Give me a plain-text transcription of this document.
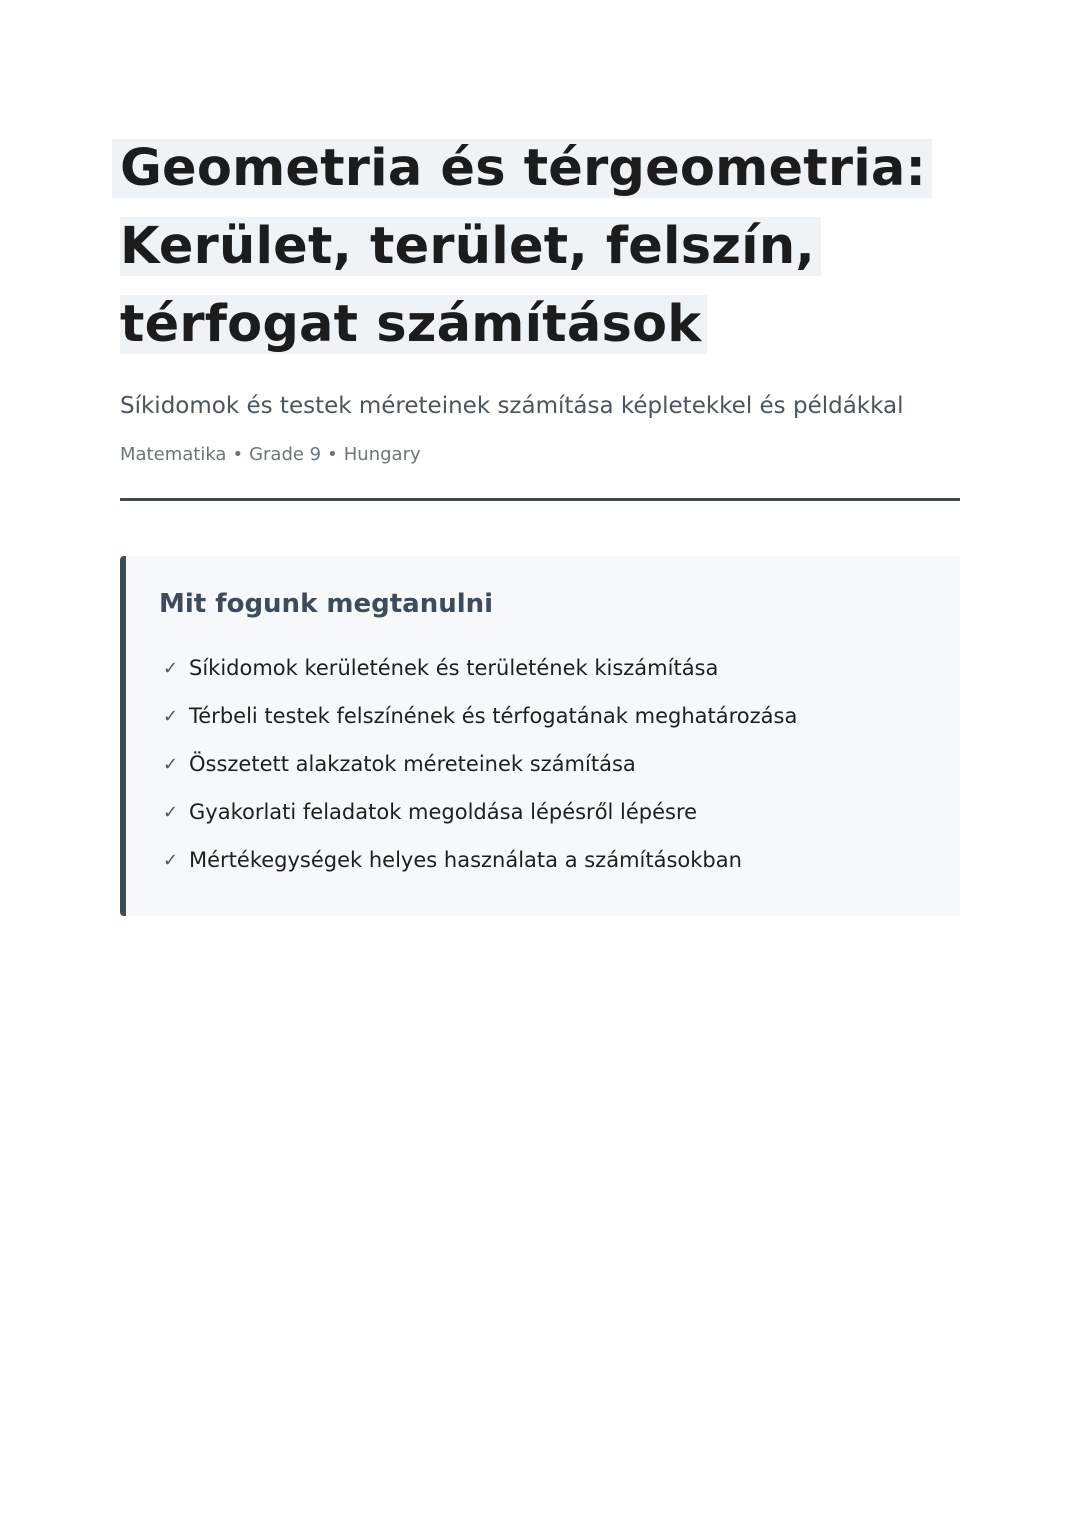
Geometria és térgeometria:
Kerület, terület, felszín,
térfogat számítások

Síkidomok és testek méreteinek számítása képletekkel és példákkal

Matematika • Grade 9 • Hungary

Mit fogunk megtanulni
✓ Síkidomok kerületének és területének kiszámítása
✓ Térbeli testek felszínének és térfogatának meghatározása
✓ Összetett alakzatok méreteinek számítása
✓ Gyakorlati feladatok megoldása lépésről lépésre
✓ Mértékegységek helyes használata a számításokban
